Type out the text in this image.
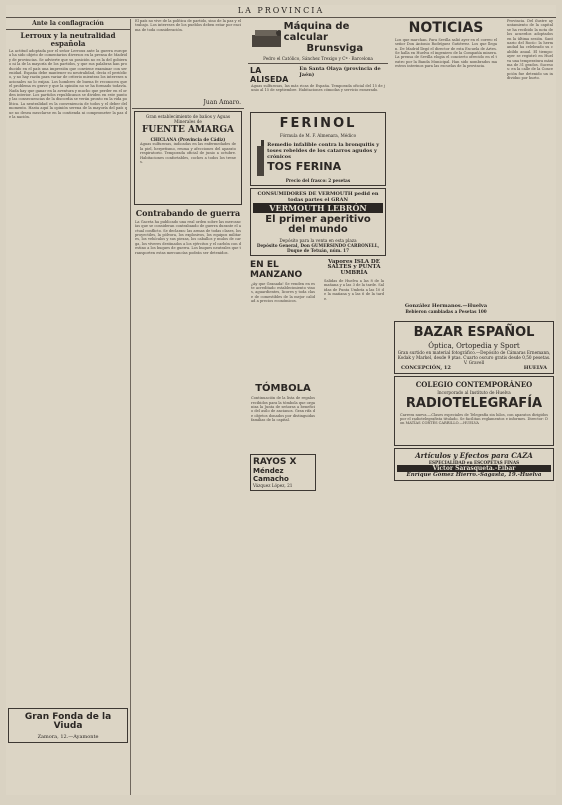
LA PROVINCIA
Ante la conflagración
Lerroux y la neutralidad española
La actitud adoptada por el señor Lerroux ante la guerra europea ha sido objeto de comentarios diversos en la prensa de Madrid y de provincias. Se advierte que su posición no es la del gobierno ni la de la mayoría de los partidos, y que sus palabras han producido en el país una impresión que conviene examinar con serenidad. España debe mantener su neutralidad, decía el periódico, y no hay razón para variar de criterio mientras los intereses nacionales no lo exijan. Los hombres de buena fe reconocen que el problema es grave y que la opinión no se ha formado todavía. Nada hay que ganar en la aventura y mucho que perder en el orden interior. Los partidos republicanos se dividen en este punto y las consecuencias de la discordia se verán pronto en la vida política. La neutralidad es la conveniencia de todos y el deber del momento. Hasta aquí la opinión serena de la mayoría del país que no desea mezclarse en la contienda ni comprometer la paz de la nación.
Gran Fonda de la Viuda
Zamora, 12.—Ayamonte
El país no vive de la política de partido, sino de la paz y el trabajo. Los intereses de los pueblos deben estar por encima de toda consideración.
Juan Amaro.
Gran establecimiento de baños y Aguas Minerales de
FUENTE AMARGA
CHICLANA (Provincia de Cádiz)
Aguas sulfurosas, indicadas en las enfermedades de la piel, herpetismo, reuma y afecciones del aparato respiratorio. Temporada oficial de junio a octubre. Habitaciones confortables, coches a todos los trenes.
Contrabando de guerra
La Gaceta ha publicado una real orden sobre las mercancías que se consideran contrabando de guerra durante el actual conflicto. Se declaran: las armas de todas clases, los proyectiles, la pólvora, los explosivos, los equipos militares, los vehículos y sus piezas, los caballos y mulos de carga, los víveres destinados a los ejércitos y el carbón con destino a los buques de guerra. Los buques neutrales que transporten estas mercancías podrán ser detenidos.
Máquina de calcular
Brunsviga
Pedro el Católico, Sánchez Trexigo y Cª · Barcelona
LA ALISEDA
En Santa Olaya (provincia de Jaén)
Aguas sulfurosas, las más ricas de España. Temporada oficial del 15 de junio al 15 de septiembre. Habitaciones cómodas y servicio esmerado.
FERINOL
Fórmula de M. F. Almenara, Médico
Remedio infalible contra la bronquitis y toses rebeldes de los catarros agudos y crónicos
TOS FERINA
Precio del frasco: 2 pesetas
CONSUMIDORES DE VERMOUTH pedid en todas partes el GRAN
VERMOUTH LEBRÓN
El primer aperitivo del mundo
Depósito para la venta en esta plaza
Depósito General, Don GUMERSINDO CARBONELL, Duque de Tetuán, núm. 17
EN EL MANZANO
¿Ay que Granada! Se venden en este acreditado establecimiento vinos, aguardientes, licores y toda clase de comestibles de la mejor calidad a precios económicos.
TÓMBOLA
Continuación de la lista de regalos recibidos para la tómbola que organiza la Junta de señoras a beneficio del asilo de ancianos. Gran rifa de objetos donados por distinguidas familias de la capital.
RAYOS X
Méndez Camacho
Vázquez López, 21
Vapores ISLA DE SALTES y PUNTA UMBRÍA
Salidas de Huelva a las 8 de la mañana y a las 3 de la tarde. Salidas de Punta Umbría a las 10 de la mañana y a las 6 de la tarde.
NOTICIAS
Los que marchan. Para Sevilla salió ayer en el correo el señor Don Antonio Rodríguez Gutiérrez. Los que llegan. De Madrid llegó el director de esta Escuela de Artes. Se halla en Huelva el ingeniero de la Compañía minera. La prensa de Sevilla elogia el concierto ofrecido en el teatro por la Banda Municipal. Han sido nombrados maestros interinos para las escuelas de la provincia.
González Hermanos.—Huelva
Bebieron cambiadas a Pesetas 100
Provincia. Del ilustre ayuntamiento de la capital se ha recibido la nota de los acuerdos adoptados en la última sesión. Santuario del Rocío: la hermandad ha celebrado su cabildo anual. El tiempo: ayer se registró en Huelva una temperatura máxima de 31 grados. Sucesos: en la calle de la Concepción fue detenido un individuo por hurto.
BAZAR ESPAÑOL
Óptica, Ortopedia y Sport
Gran surtido en material fotográfico.—Depósito de Cámaras Ernemann, Kodak y Markel, desde 9 ptas. Cuarto oscuro gratis desde 0,50 pesetas. V. Gravell
CONCEPCIÓN, 12	HUELVA
COLEGIO CONTEMPORÁNEO
Incorporado al Instituto de Huelva
RADIOTELEGRAFÍA
Carrera nueva.—Clases especiales de Telegrafía sin hilos, con aparatos dirigidos por el radiotelegrafista titulado. Se facilitan reglamentos e informes. Director: Don MATÍAS CORTÉS CARRILLO.—HUELVA
Artículos y Efectos para CAZA
ESPECIALIDAD en ESCOPETAS FINAS
Victor Sarasqueta.-Eibar
Enrique Gómez Hierro.-Sagasta, 19.-Huelva
